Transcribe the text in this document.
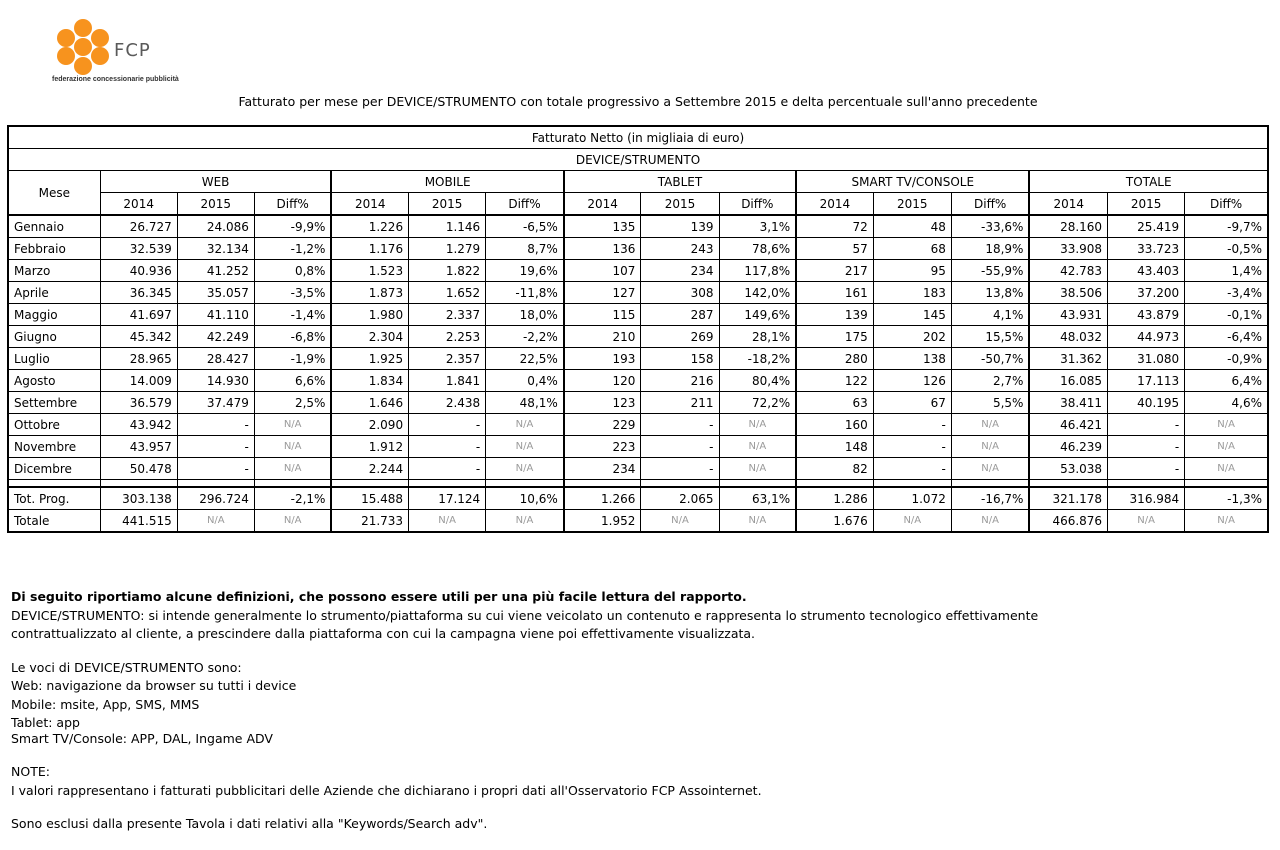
FCP
federazione concessionarie pubblicità
Fatturato per mese per DEVICE/STRUMENTO con totale progressivo a Settembre 2015 e delta percentuale sull'anno precedente
Fatturato Netto (in migliaia di euro)															
DEVICE/STRUMENTO															
Mese	WEB			MOBILE			TABLET			SMART TV/CONSOLE			TOTALE		
	2014	2015	Diff%	2014	2015	Diff%	2014	2015	Diff%	2014	2015	Diff%	2014	2015	Diff%
Gennaio	26.727	24.086	-9,9%	1.226	1.146	-6,5%	135	139	3,1%	72	48	-33,6%	28.160	25.419	-9,7%
Febbraio	32.539	32.134	-1,2%	1.176	1.279	8,7%	136	243	78,6%	57	68	18,9%	33.908	33.723	-0,5%
Marzo	40.936	41.252	0,8%	1.523	1.822	19,6%	107	234	117,8%	217	95	-55,9%	42.783	43.403	1,4%
Aprile	36.345	35.057	-3,5%	1.873	1.652	-11,8%	127	308	142,0%	161	183	13,8%	38.506	37.200	-3,4%
Maggio	41.697	41.110	-1,4%	1.980	2.337	18,0%	115	287	149,6%	139	145	4,1%	43.931	43.879	-0,1%
Giugno	45.342	42.249	-6,8%	2.304	2.253	-2,2%	210	269	28,1%	175	202	15,5%	48.032	44.973	-6,4%
Luglio	28.965	28.427	-1,9%	1.925	2.357	22,5%	193	158	-18,2%	280	138	-50,7%	31.362	31.080	-0,9%
Agosto	14.009	14.930	6,6%	1.834	1.841	0,4%	120	216	80,4%	122	126	2,7%	16.085	17.113	6,4%
Settembre	36.579	37.479	2,5%	1.646	2.438	48,1%	123	211	72,2%	63	67	5,5%	38.411	40.195	4,6%
Ottobre	43.942	-	N/A	2.090	-	N/A	229	-	N/A	160	-	N/A	46.421	-	N/A
Novembre	43.957	-	N/A	1.912	-	N/A	223	-	N/A	148	-	N/A	46.239	-	N/A
Dicembre	50.478	-	N/A	2.244	-	N/A	234	-	N/A	82	-	N/A	53.038	-	N/A

Tot. Prog.	303.138	296.724	-2,1%	15.488	17.124	10,6%	1.266	2.065	63,1%	1.286	1.072	-16,7%	321.178	316.984	-1,3%
Totale	441.515	N/A	N/A	21.733	N/A	N/A	1.952	N/A	N/A	1.676	N/A	N/A	466.876	N/A	N/A

Di seguito riportiamo alcune definizioni, che possono essere utili per una più facile lettura del rapporto.

DEVICE/STRUMENTO: si intende generalmente lo strumento/piattaforma su cui viene veicolato un contenuto e rappresenta lo strumento tecnologico effettivamente

contrattualizzato al cliente, a prescindere dalla piattaforma con cui la campagna viene poi effettivamente visualizzata.

Le voci di DEVICE/STRUMENTO sono:

Web: navigazione da browser su tutti i device

Mobile: msite, App, SMS, MMS

Tablet: app

Smart TV/Console: APP, DAL, Ingame ADV

NOTE:

I valori rappresentano i fatturati pubblicitari delle Aziende che dichiarano i propri dati all'Osservatorio FCP Assointernet.

Sono esclusi dalla presente Tavola i dati relativi alla "Keywords/Search adv".
